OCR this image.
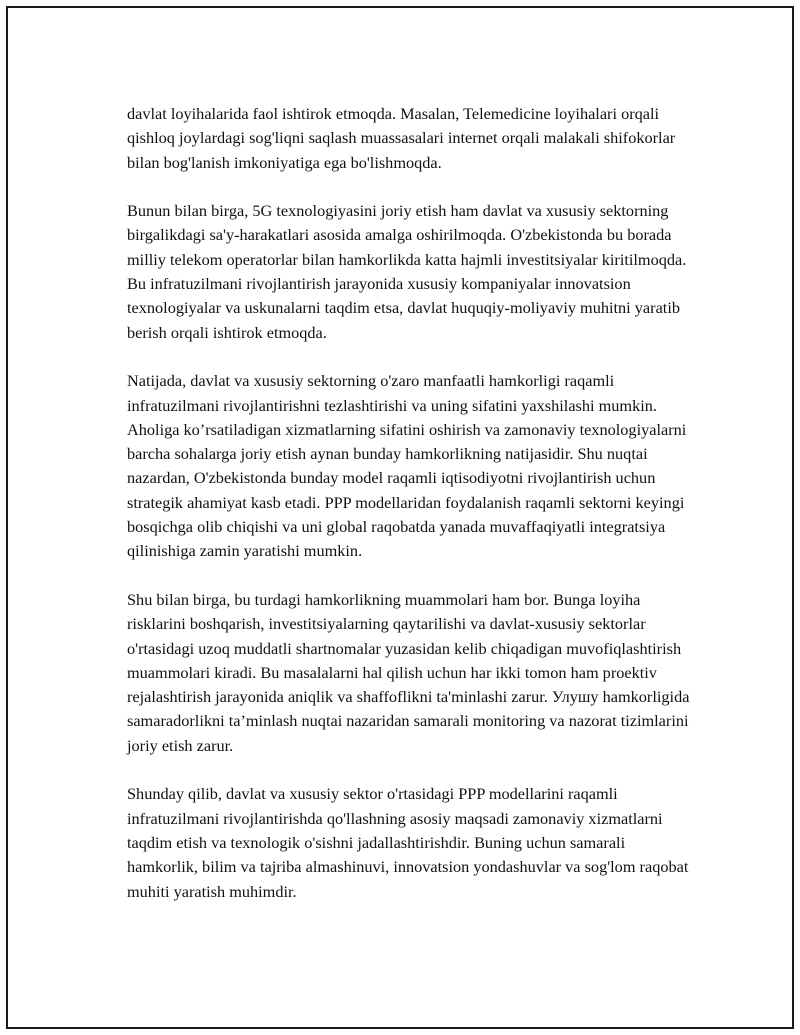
davlat loyihalarida faol ishtirok etmoqda. Masalan, Telemedicine loyihalari orqali qishloq joylardagi sog'liqni saqlash muassasalari internet orqali malakali shifokorlar bilan bog'lanish imkoniyatiga ega bo'lishmoqda.

Bunun bilan birga, 5G texnologiyasini joriy etish ham davlat va xususiy sektorning birgalikdagi sa'y-harakatlari asosida amalga oshirilmoqda. O'zbekistonda bu borada milliy telekom operatorlar bilan hamkorlikda katta hajmli investitsiyalar kiritilmoqda. Bu infratuzilmani rivojlantirish jarayonida xususiy kompaniyalar innovatsion texnologiyalar va uskunalarni taqdim etsa, davlat huquqiy-moliyaviy muhitni yaratib berish orqali ishtirok etmoqda.

Natijada, davlat va xususiy sektorning o'zaro manfaatli hamkorligi raqamli infratuzilmani rivojlantirishni tezlashtirishi va uning sifatini yaxshilashi mumkin. Aholiga ko’rsatiladigan xizmatlarning sifatini oshirish va zamonaviy texnologiyalarni barcha sohalarga joriy etish aynan bunday hamkorlikning natijasidir. Shu nuqtai nazardan, O'zbekistonda bunday model raqamli iqtisodiyotni rivojlantirish uchun strategik ahamiyat kasb etadi. PPP modellaridan foydalanish raqamli sektorni keyingi bosqichga olib chiqishi va uni global raqobatda yanada muvaffaqiyatli integratsiya qilinishiga zamin yaratishi mumkin.

Shu bilan birga, bu turdagi hamkorlikning muammolari ham bor. Bunga loyiha risklarini boshqarish, investitsiyalarning qaytarilishi va davlat-xususiy sektorlar o'rtasidagi uzoq muddatli shartnomalar yuzasidan kelib chiqadigan muvofiqlashtirish muammolari kiradi. Bu masalalarni hal qilish uchun har ikki tomon ham proektiv rejalashtirish jarayonida aniqlik va shaffoflikni ta'minlashi zarur. Улушу hamkorligida samaradorlikni ta’minlash nuqtai nazaridan samarali monitoring va nazorat tizimlarini joriy etish zarur.

Shunday qilib, davlat va xususiy sektor o'rtasidagi PPP modellarini raqamli infratuzilmani rivojlantirishda qo'llashning asosiy maqsadi zamonaviy xizmatlarni taqdim etish va texnologik o'sishni jadallashtirishdir. Buning uchun samarali hamkorlik, bilim va tajriba almashinuvi, innovatsion yondashuvlar va sog'lom raqobat muhiti yaratish muhimdir.
